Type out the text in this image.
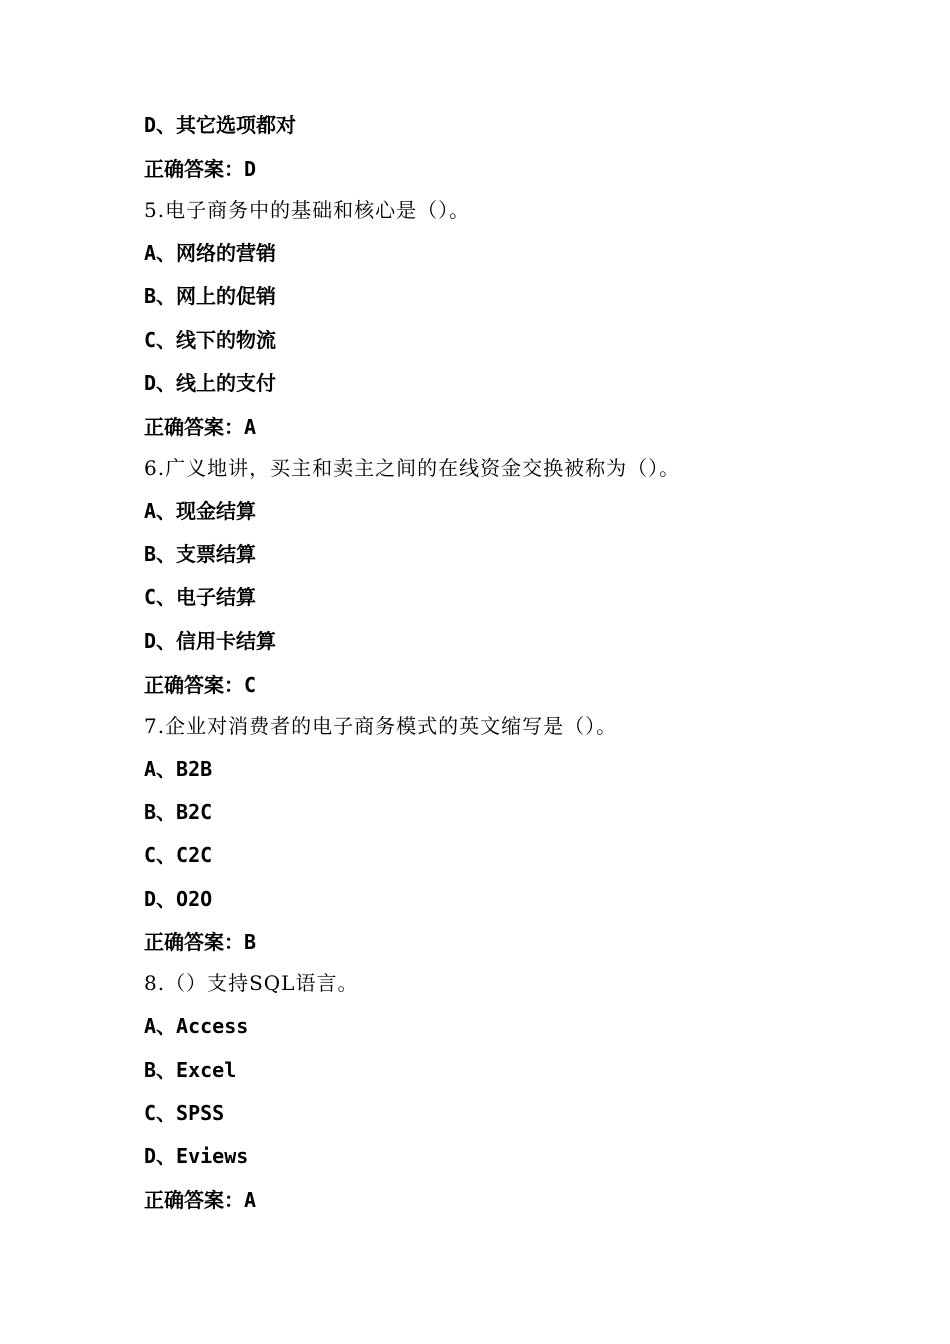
D、其它选项都对
正确答案：D
5.电子商务中的基础和核心是（）。
A、网络的营销
B、网上的促销
C、线下的物流
D、线上的支付
正确答案：A
6.广义地讲，买主和卖主之间的在线资金交换被称为（）。
A、现金结算
B、支票结算
C、电子结算
D、信用卡结算
正确答案：C
7.企业对消费者的电子商务模式的英文缩写是（）。
A、B2B
B、B2C
C、C2C
D、O2O
正确答案：B
8.（）支持SQL语言。
A、Access
B、Excel
C、SPSS
D、Eviews
正确答案：A
